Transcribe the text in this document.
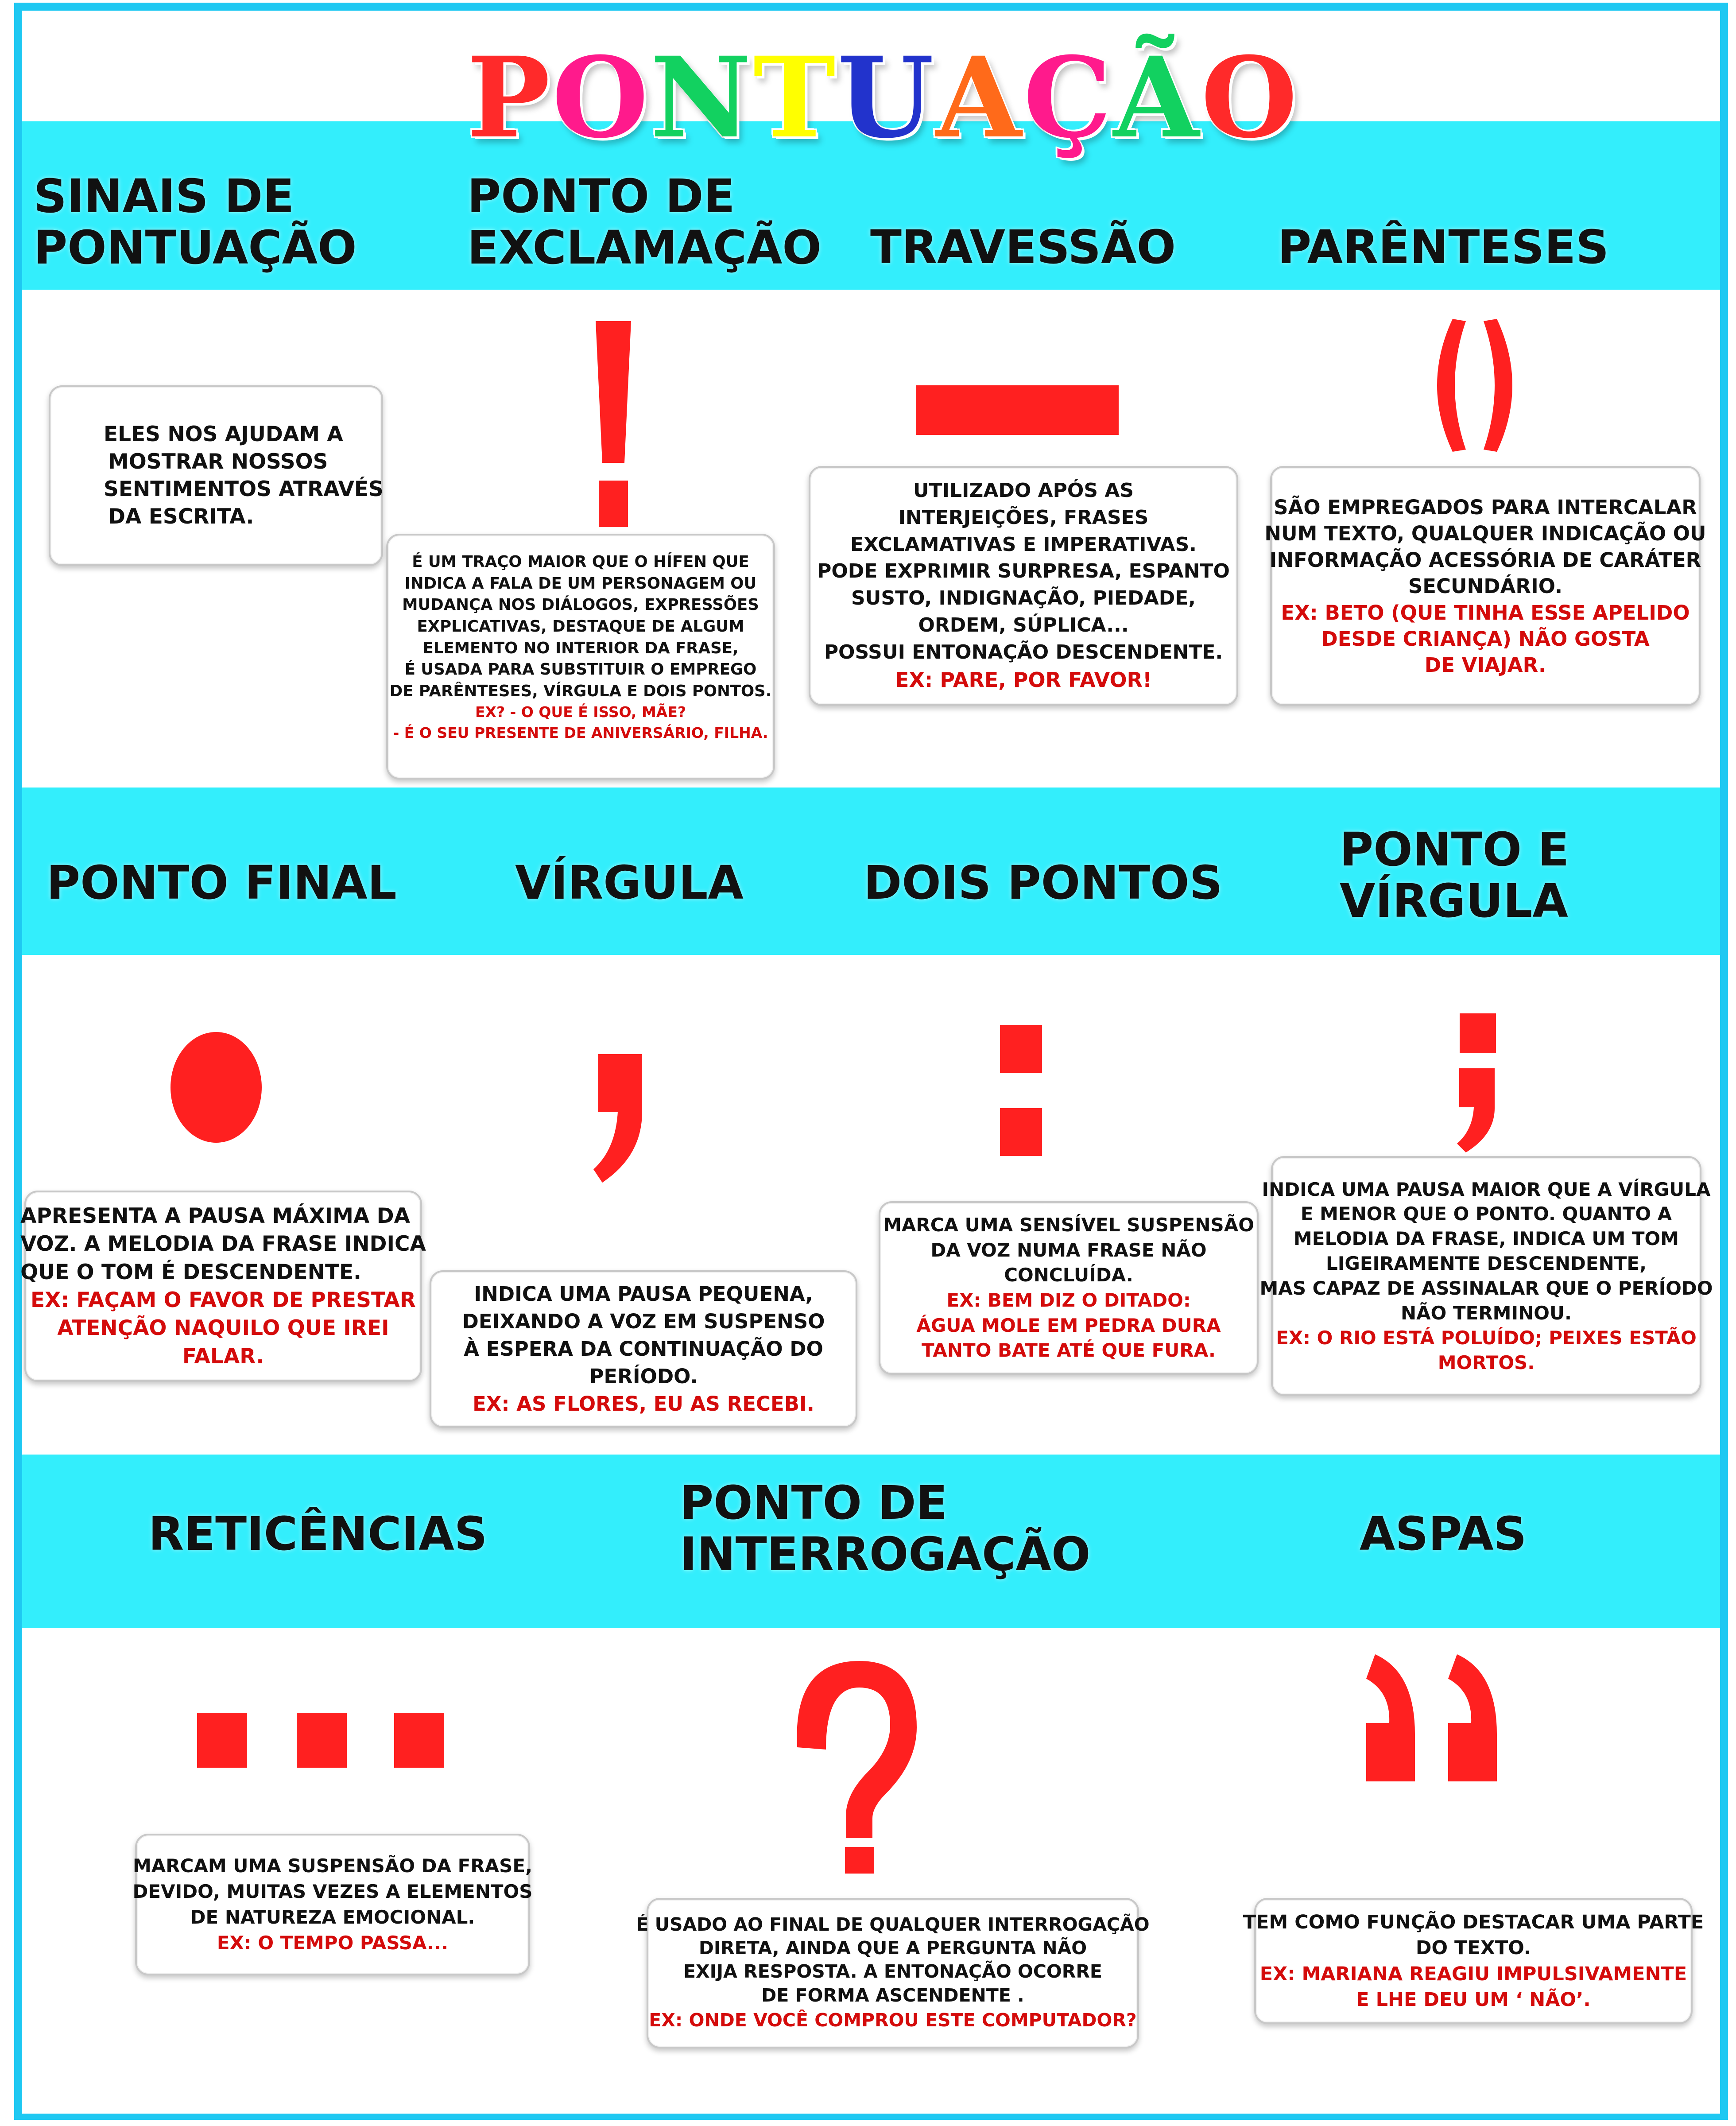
P O N T U A Ç Ã O
SINAIS DE
PONTUAÇÃO
PONTO DE
EXCLAMAÇÃO TRAVESSÃO PARÊNTESES
ELES NOS AJUDAM A
MOSTRAR NOSSOS
SENTIMENTOS ATRAVÉS
DA ESCRITA.
É UM TRAÇO MAIOR QUE O HÍFEN QUE
INDICA A FALA DE UM PERSONAGEM OU
MUDANÇA NOS DIÁLOGOS, EXPRESSÕES
EXPLICATIVAS, DESTAQUE DE ALGUM
ELEMENTO NO INTERIOR DA FRASE,
É USADA PARA SUBSTITUIR O EMPREGO
DE PARÊNTESES, VÍRGULA E DOIS PONTOS.
EX? - O QUE É ISSO, MÃE?
- É O SEU PRESENTE DE ANIVERSÁRIO, FILHA.
UTILIZADO APÓS AS
INTERJEIÇÕES, FRASES
EXCLAMATIVAS E IMPERATIVAS.
PODE EXPRIMIR SURPRESA, ESPANTO
SUSTO, INDIGNAÇÃO, PIEDADE,
ORDEM, SÚPLICA...
POSSUI ENTONAÇÃO DESCENDENTE.
EX: PARE, POR FAVOR!
SÃO EMPREGADOS PARA INTERCALAR
NUM TEXTO, QUALQUER INDICAÇÃO OU
INFORMAÇÃO ACESSÓRIA DE CARÁTER
SECUNDÁRIO.
EX: BETO (QUE TINHA ESSE APELIDO
DESDE CRIANÇA) NÃO GOSTA
DE VIAJAR.
PONTO FINAL	VÍRGULA	DOIS PONTOS
PONTO E
VÍRGULA
APRESENTA A PAUSA MÁXIMA DA
VOZ. A MELODIA DA FRASE INDICA
QUE O TOM É DESCENDENTE.
EX: FAÇAM O FAVOR DE PRESTAR
ATENÇÃO NAQUILO QUE IREI
FALAR.
INDICA UMA PAUSA PEQUENA,
DEIXANDO A VOZ EM SUSPENSO
À ESPERA DA CONTINUAÇÃO DO
PERÍODO.
EX: AS FLORES, EU AS RECEBI.
MARCA UMA SENSÍVEL SUSPENSÃO
DA VOZ NUMA FRASE NÃO
CONCLUÍDA.
EX: BEM DIZ O DITADO:
ÁGUA MOLE EM PEDRA DURA
TANTO BATE ATÉ QUE FURA.
INDICA UMA PAUSA MAIOR QUE A VÍRGULA
E MENOR QUE O PONTO. QUANTO A
MELODIA DA FRASE, INDICA UM TOM
LIGEIRAMENTE DESCENDENTE,
MAS CAPAZ DE ASSINALAR QUE O PERÍODO
NÃO TERMINOU.
EX: O RIO ESTÁ POLUÍDO; PEIXES ESTÃO
MORTOS.
RETICÊNCIAS
PONTO DE
INTERROGAÇÃO	ASPAS
MARCAM UMA SUSPENSÃO DA FRASE,
DEVIDO, MUITAS VEZES A ELEMENTOS
DE NATUREZA EMOCIONAL.
EX: O TEMPO PASSA...
É USADO AO FINAL DE QUALQUER INTERROGAÇÃO
DIRETA, AINDA QUE A PERGUNTA NÃO
EXIJA RESPOSTA. A ENTONAÇÃO OCORRE
DE FORMA ASCENDENTE .
EX: ONDE VOCÊ COMPROU ESTE COMPUTADOR?
TEM COMO FUNÇÃO DESTACAR UMA PARTE
DO TEXTO.
EX: MARIANA REAGIU IMPULSIVAMENTE
E LHE DEU UM ‘ NÃO’.
